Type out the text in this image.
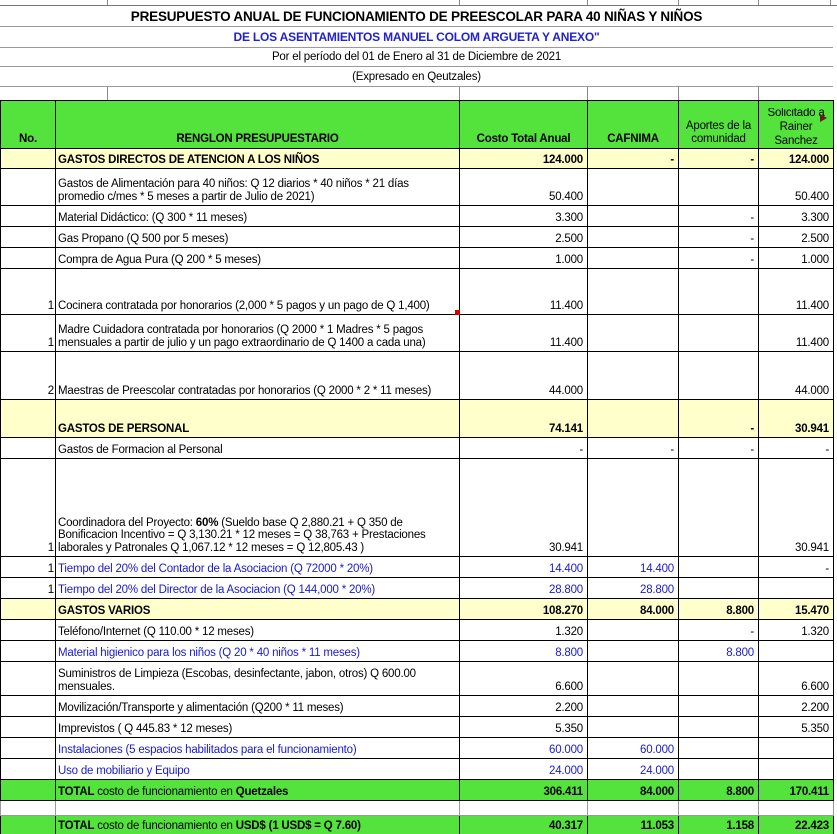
PRESUPUESTO ANUAL DE FUNCIONAMIENTO DE PREESCOLAR PARA 40 NIÑAS Y NIÑOS
DE LOS ASENTAMIENTOS MANUEL COLOM ARGUETA Y ANEXO"
Por el período del 01 de Enero al 31 de Diciembre de 2021
(Expresado en Qeutzales)
No.	RENGLON PRESUPUESTARIO	Costo Total Anual	CAFNIMA	Aportes de la comunidad	Solicitado a Rainer Sanchez

	GASTOS DIRECTOS DE ATENCION A LOS NIÑOS	124.000	-	-	124.000
	Gastos de Alimentación para 40 niños: Q 12 diarios * 40 niños * 21 días promedio c/mes * 5 meses a partir de Julio de 2021)	50.400			50.400
	Material Didáctico: (Q 300 * 11 meses)	3.300		-	3.300
	Gas Propano (Q 500 por 5 meses)	2.500		-	2.500
	Compra de Agua Pura (Q 200 * 5 meses)	1.000		-	1.000
1	Cocinera contratada por honorarios (2,000 * 5 pagos y un pago de Q 1,400)	11.400			11.400
1	Madre Cuidadora contratada por honorarios (Q 2000 * 1 Madres * 5 pagos mensuales a partir de julio y un pago extraordinario de Q 1400 a cada una)	11.400			11.400
2	Maestras de Preescolar contratadas por honorarios (Q 2000 * 2 * 11 meses)	44.000			44.000
	GASTOS DE PERSONAL	74.141		-	30.941
	Gastos de Formacion al Personal	-	-	-	-
1	Coordinadora del Proyecto: 60% (Sueldo base Q 2,880.21 + Q 350 de Bonificacion Incentivo = Q 3,130.21 * 12 meses = Q 38,763 + Prestaciones laborales y Patronales Q 1,067.12 * 12 meses = Q 12,805.43 )	30.941			30.941
1	Tiempo del 20% del Contador de la Asociacion (Q 72000 * 20%)	14.400	14.400		-
1	Tiempo del 20% del Director de la Asociacion (Q 144,000 * 20%)	28.800	28.800		
	GASTOS VARIOS	108.270	84.000	8.800	15.470
	Teléfono/Internet (Q 110.00 * 12 meses)	1.320		-	1.320
	Material higienico para los niños (Q 20 * 40 niños * 11 meses)	8.800		8.800	
	Suministros de Limpieza (Escobas, desinfectante, jabon, otros) Q 600.00 mensuales.	6.600			6.600
	Movilización/Transporte y alimentación (Q200 * 11 meses)	2.200			2.200
	Imprevistos ( Q 445.83 * 12 meses)	5.350			5.350
	Instalaciones (5 espacios habilitados para el funcionamiento)	60.000	60.000		
	Uso de mobiliario y Equipo	24.000	24.000		
	TOTAL costo de funcionamiento en Quetzales	306.411	84.000	8.800	170.411

	TOTAL costo de funcionamiento en USD$ (1 USD$ = Q 7.60)	40.317	11.053	1.158	22.423
